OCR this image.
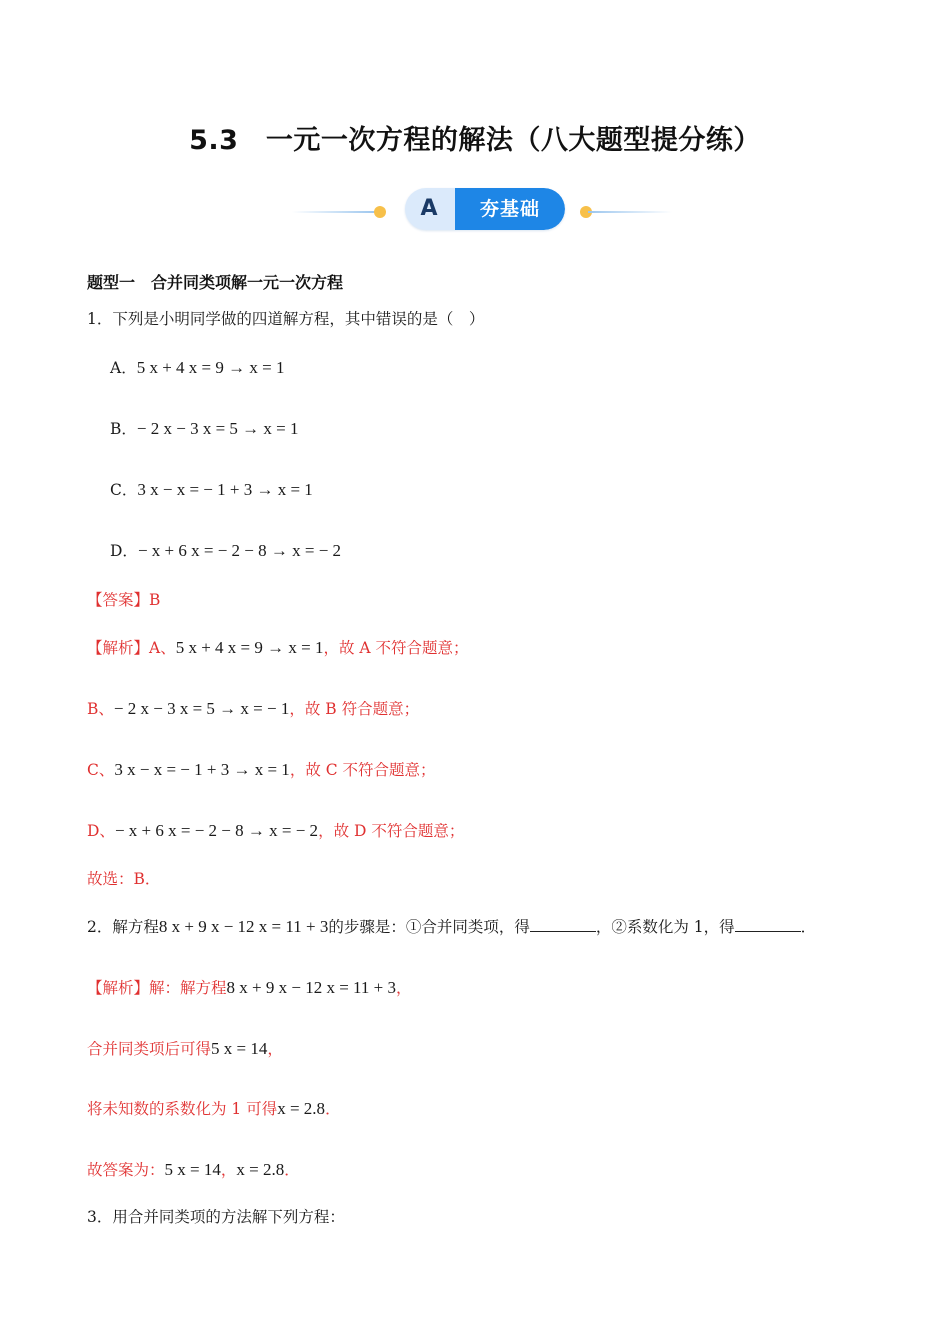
5.3　一元一次方程的解法（八大题型提分练）
A	夯基础
题型一　合并同类项解一元一次方程
1．下列是小明同学做的四道解方程，其中错误的是（　）
A．5 x + 4 x = 9 → x = 1
B．− 2 x − 3 x = 5 → x = 1
C．3 x − x = − 1 + 3 → x = 1
D．− x + 6 x = − 2 − 8 → x = − 2
【答案】B
【解析】A、5 x + 4 x = 9 → x = 1，故 A 不符合题意；
B、− 2 x − 3 x = 5 → x = − 1，故 B 符合题意；
C、3 x − x = − 1 + 3 → x = 1，故 C 不符合题意；
D、− x + 6 x = − 2 − 8 → x = − 2，故 D 不符合题意；
故选：B．
2．解方程8 x + 9 x − 12 x = 11 + 3的步骤是：①合并同类项，得	，②系数化为 1，得	．
【解析】解：解方程8 x + 9 x − 12 x = 11 + 3，
合并同类项后可得5 x = 14，
将未知数的系数化为 1 可得x = 2.8．
故答案为：5 x = 14，x = 2.8．
3．用合并同类项的方法解下列方程：
